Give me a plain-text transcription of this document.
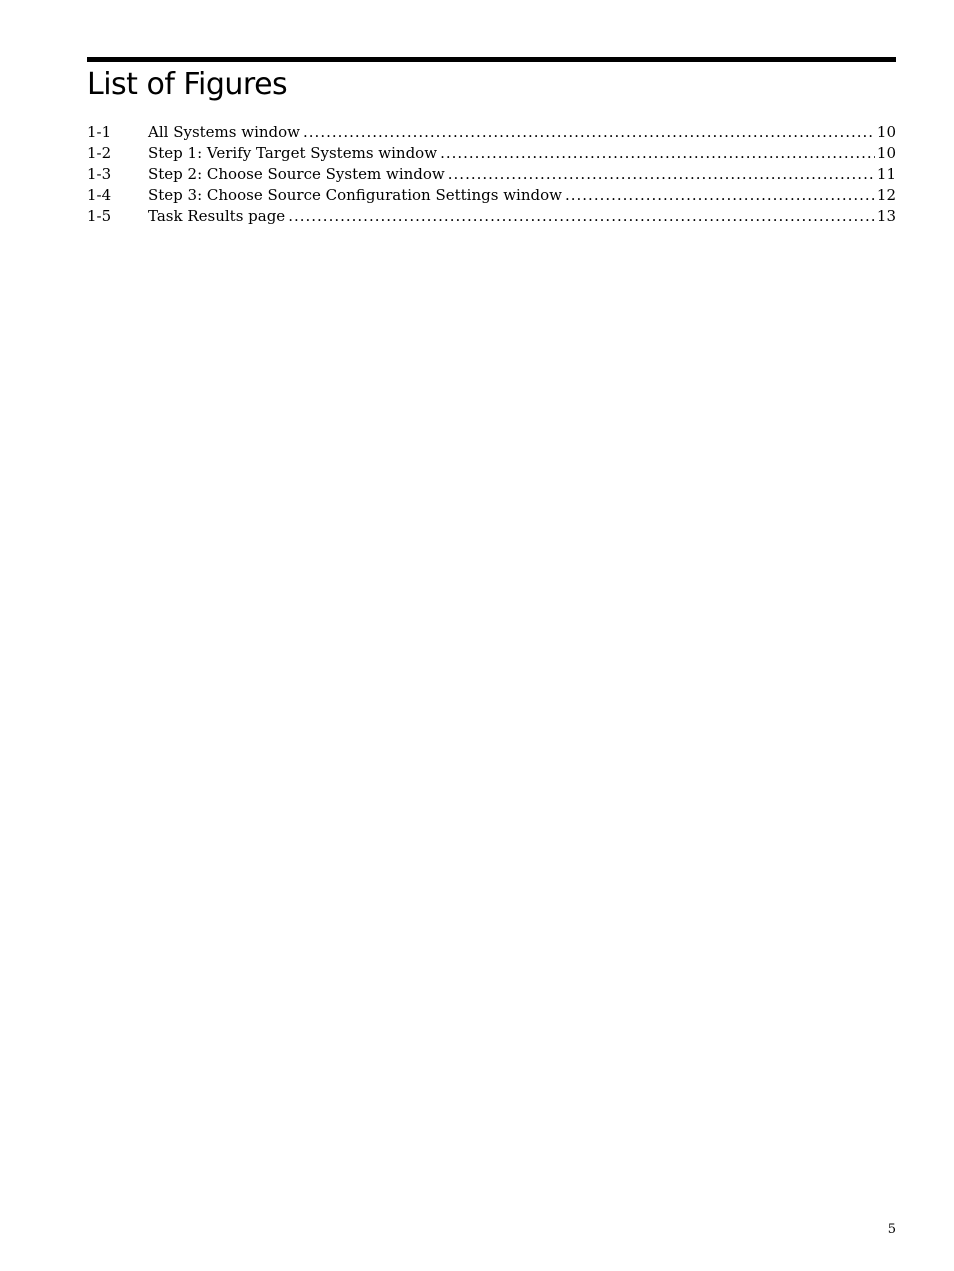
List of Figures
1-1	All Systems window .....	10
1-2	Step 1: Verify Target Systems window .....	10
1-3	Step 2: Choose Source System window .....	11
1-4	Step 3: Choose Source Configuration Settings window .....	12
1-5	Task Results page .....	13
5
